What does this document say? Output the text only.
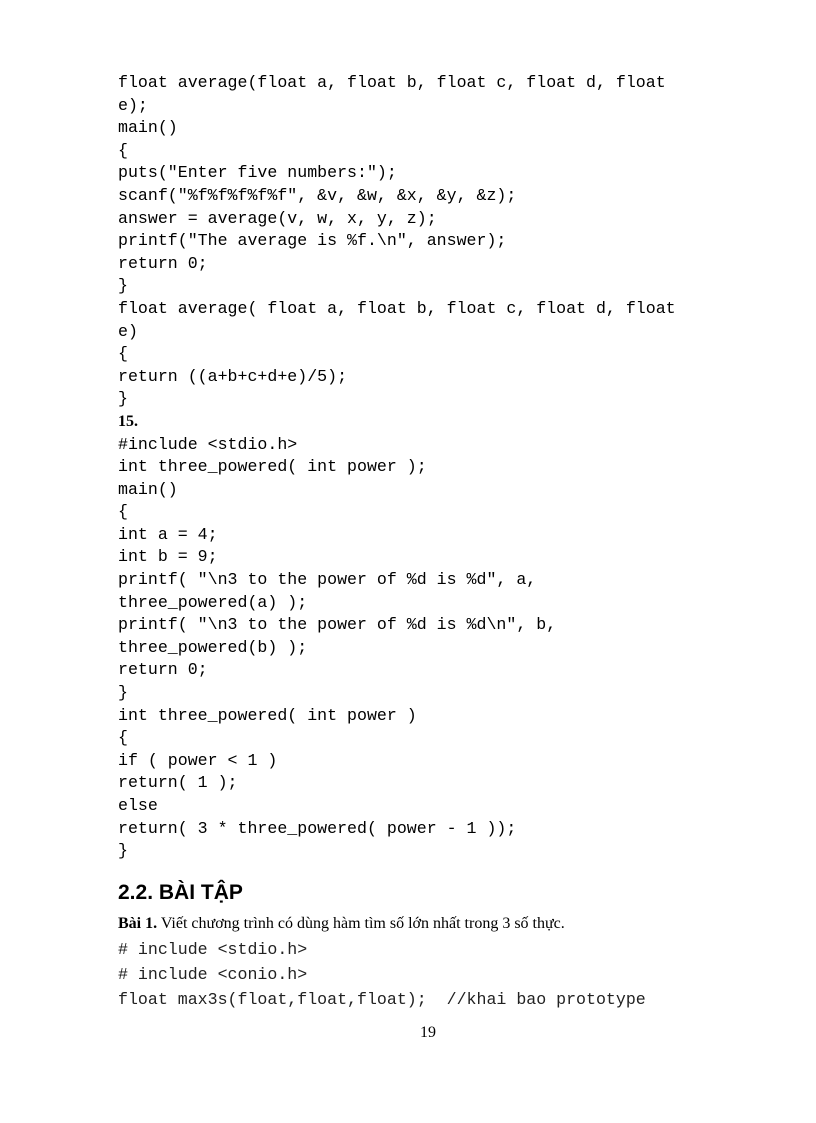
float average(float a, float b, float c, float d, float
e);
main()
{
puts("Enter five numbers:");
scanf("%f%f%f%f%f", &v, &w, &x, &y, &z);
answer = average(v, w, x, y, z);
printf("The average is %f.\n", answer);
return 0;
}
float average( float a, float b, float c, float d, float
e)
{
return ((a+b+c+d+e)/5);
}
15.
#include <stdio.h>
int three_powered( int power );
main()
{
int a = 4;
int b = 9;
printf( "\n3 to the power of %d is %d", a,
three_powered(a) );
printf( "\n3 to the power of %d is %d\n", b,
three_powered(b) );
return 0;
}
int three_powered( int power )
{
if ( power < 1 )
return( 1 );
else
return( 3 * three_powered( power - 1 ));
}
2.2. BÀI TẬP
Bài 1. Viết chương trình có dùng hàm tìm số lớn nhất trong 3 số thực.
# include <stdio.h>
# include <conio.h>
float max3s(float,float,float);  //khai bao prototype
19
